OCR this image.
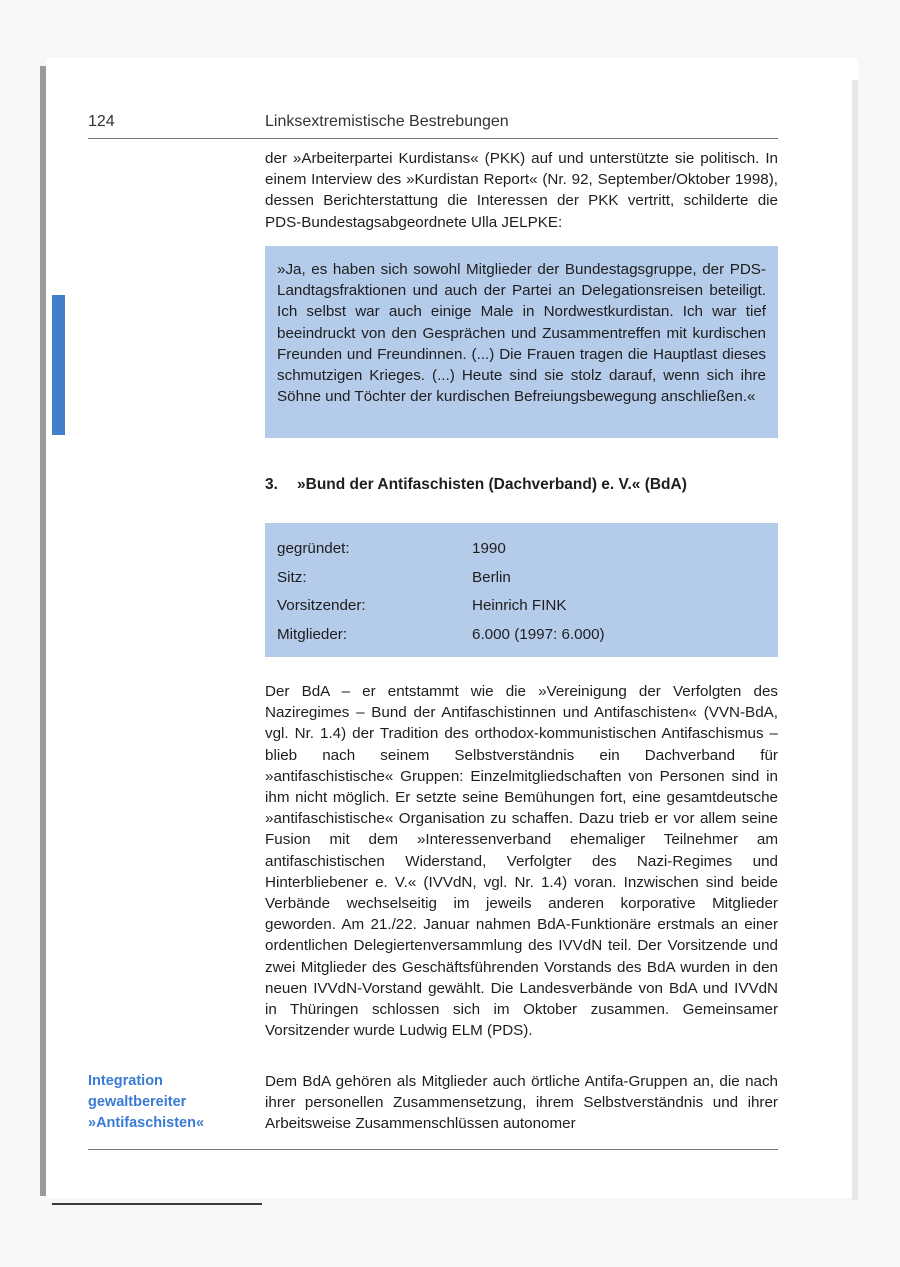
124	Linksextremistische Bestrebungen
der »Arbeiterpartei Kurdistans« (PKK) auf und unterstützte sie politisch. In einem Interview des »Kurdistan Report« (Nr. 92, September/Oktober 1998), dessen Berichterstattung die Interessen der PKK vertritt, schilderte die PDS-Bundestagsabgeordnete Ulla JELPKE:
»Ja, es haben sich sowohl Mitglieder der Bundestagsgruppe, der PDS-Landtagsfraktionen und auch der Partei an Delegationsreisen beteiligt. Ich selbst war auch einige Male in Nordwestkurdistan. Ich war tief beeindruckt von den Gesprächen und Zusammentreffen mit kurdischen Freunden und Freundinnen. (...) Die Frauen tragen die Hauptlast dieses schmutzigen Krieges. (...) Heute sind sie stolz darauf, wenn sich ihre Söhne und Töchter der kurdischen Befreiungsbewegung anschließen.«
3. »Bund der Antifaschisten (Dachverband) e. V.« (BdA)
gegründet:	1990
Sitz:	Berlin
Vorsitzender:	Heinrich FINK
Mitglieder:	6.000 (1997: 6.000)
Der BdA – er entstammt wie die »Vereinigung der Verfolgten des Naziregimes – Bund der Antifaschistinnen und Antifaschisten« (VVN-BdA, vgl. Nr. 1.4) der Tradition des orthodox-kommunistischen Antifaschismus – blieb nach seinem Selbstverständnis ein Dachverband für »antifaschistische« Gruppen: Einzelmitgliedschaften von Personen sind in ihm nicht möglich. Er setzte seine Bemühungen fort, eine gesamtdeutsche »antifaschistische« Organisation zu schaffen. Dazu trieb er vor allem seine Fusion mit dem »Interessenverband ehemaliger Teilnehmer am antifaschistischen Widerstand, Verfolgter des Nazi-Regimes und Hinterbliebener e. V.« (IVVdN, vgl. Nr. 1.4) voran. Inzwischen sind beide Verbände wechselseitig im jeweils anderen korporative Mitglieder geworden. Am 21./22. Januar nahmen BdA-Funktionäre erstmals an einer ordentlichen Delegiertenversammlung des IVVdN teil. Der Vorsitzende und zwei Mitglieder des Geschäftsführenden Vorstands des BdA wurden in den neuen IVVdN-Vorstand gewählt. Die Landesverbände von BdA und IVVdN in Thüringen schlossen sich im Oktober zusammen. Gemeinsamer Vorsitzender wurde Ludwig ELM (PDS).
Integration
gewaltbereiter
»Antifaschisten«
Dem BdA gehören als Mitglieder auch örtliche Antifa-Gruppen an, die nach ihrer personellen Zusammensetzung, ihrem Selbstverständnis und ihrer Arbeitsweise Zusammenschlüssen autonomer
